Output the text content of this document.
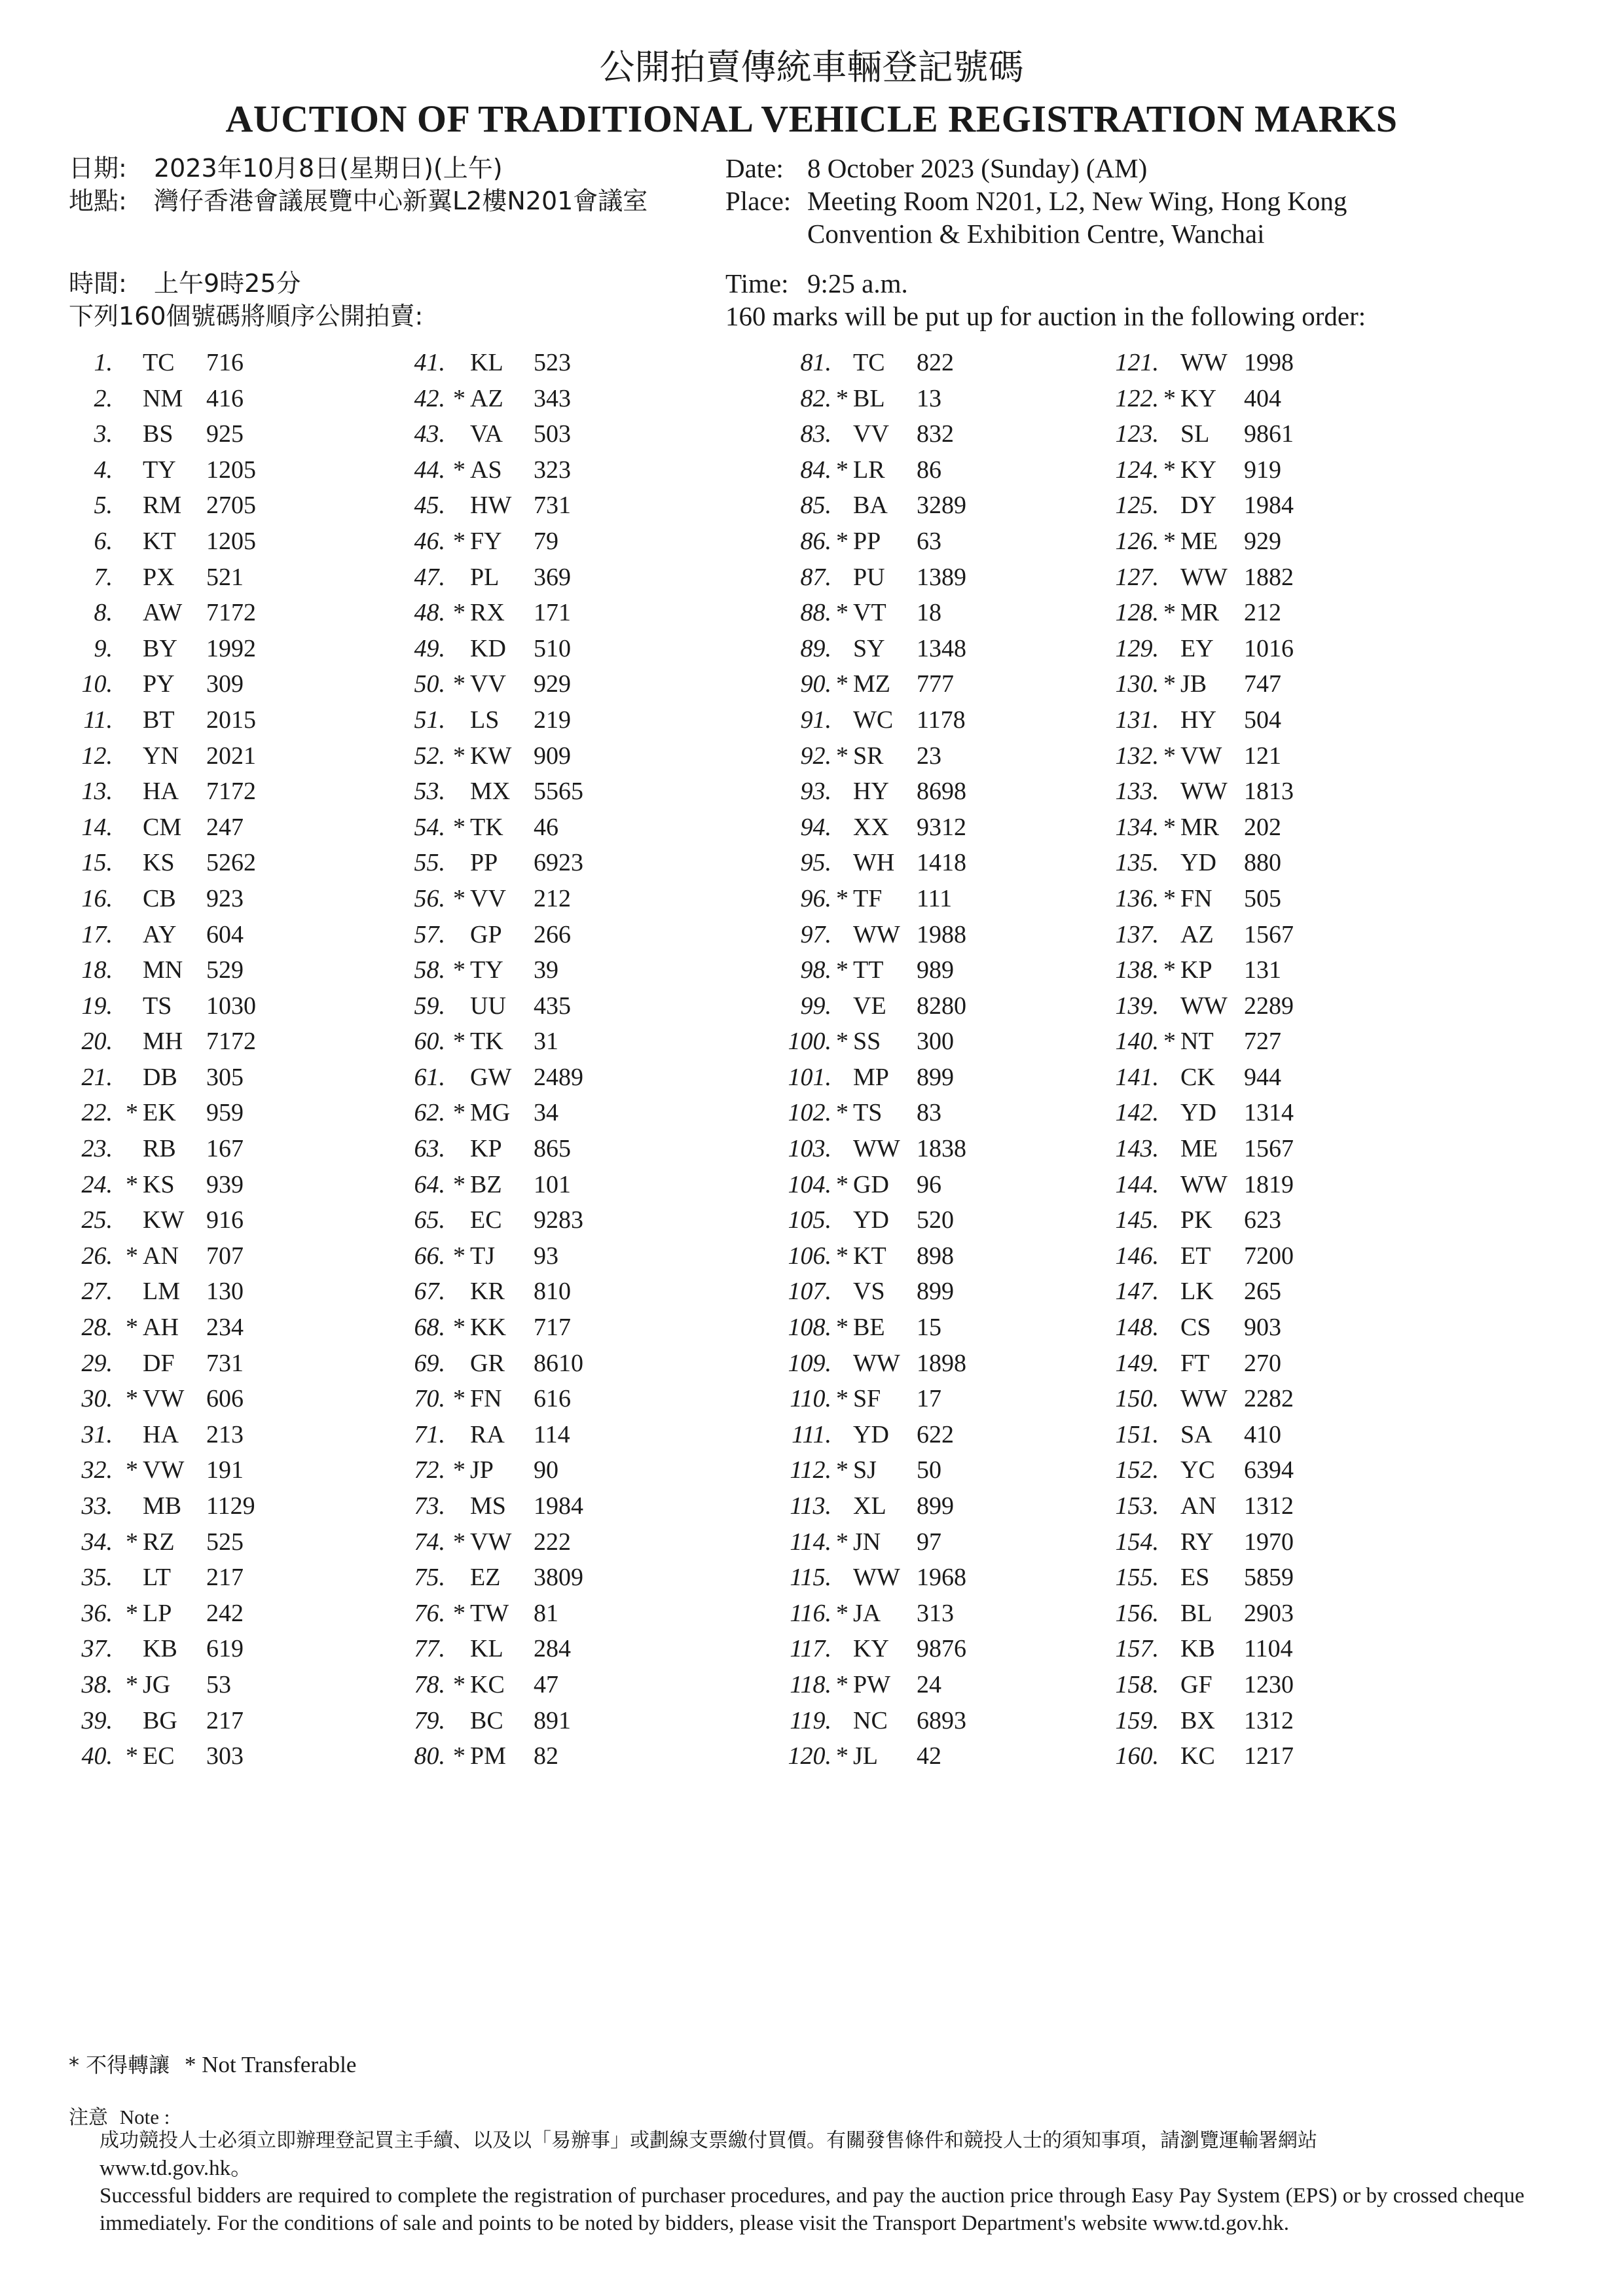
公開拍賣傳統車輛登記號碼
AUCTION OF TRADITIONAL VEHICLE REGISTRATION MARKS
日期:	2023年10月8日(星期日)(上午)
地點:	灣仔香港會議展覽中心新翼L2樓N201會議室
時間:	上午9時25分
下列160個號碼將順序公開拍賣:
Date: 8 October 2023 (Sunday) (AM)
Place: Meeting Room N201, L2, New Wing, Hong Kong
Convention & Exhibition Centre, Wanchai
Time: 9:25 a.m.
160 marks will be put up for auction in the following order:
1. TC 716
2. NM 416
3. BS 925
4. TY 1205
5. RM 2705
6. KT 1205
7. PX 521
8. AW 7172
9. BY 1992
10. PY 309
11. BT 2015
12. YN 2021
13. HA 7172
14. CM 247
15. KS 5262
16. CB 923
17. AY 604
18. MN 529
19. TS 1030
20. MH 7172
21. DB 305
22. * EK 959
23. RB 167
24. * KS 939
25. KW 916
26. * AN 707
27. LM 130
28. * AH 234
29. DF 731
30. * VW 606
31. HA 213
32. * VW 191
33. MB 1129
34. * RZ 525
35. LT 217
36. * LP 242
37. KB 619
38. * JG 53
39. BG 217
40. * EC 303
41. KL 523
42. * AZ 343
43. VA 503
44. * AS 323
45. HW 731
46. * FY 79
47. PL 369
48. * RX 171
49. KD 510
50. * VV 929
51. LS 219
52. * KW 909
53. MX 5565
54. * TK 46
55. PP 6923
56. * VV 212
57. GP 266
58. * TY 39
59. UU 435
60. * TK 31
61. GW 2489
62. * MG 34
63. KP 865
64. * BZ 101
65. EC 9283
66. * TJ 93
67. KR 810
68. * KK 717
69. GR 8610
70. * FN 616
71. RA 114
72. * JP 90
73. MS 1984
74. * VW 222
75. EZ 3809
76. * TW 81
77. KL 284
78. * KC 47
79. BC 891
80. * PM 82
81. TC 822
82. * BL 13
83. VV 832
84. * LR 86
85. BA 3289
86. * PP 63
87. PU 1389
88. * VT 18
89. SY 1348
90. * MZ 777
91. WC 1178
92. * SR 23
93. HY 8698
94. XX 9312
95. WH 1418
96. * TF 111
97. WW 1988
98. * TT 989
99. VE 8280
100. * SS 300
101. MP 899
102. * TS 83
103. WW 1838
104. * GD 96
105. YD 520
106. * KT 898
107. VS 899
108. * BE 15
109. WW 1898
110. * SF 17
111. YD 622
112. * SJ 50
113. XL 899
114. * JN 97
115. WW 1968
116. * JA 313
117. KY 9876
118. * PW 24
119. NC 6893
120. * JL 42
121. WW 1998
122. * KY 404
123. SL 9861
124. * KY 919
125. DY 1984
126. * ME 929
127. WW 1882
128. * MR 212
129. EY 1016
130. * JB 747
131. HY 504
132. * VW 121
133. WW 1813
134. * MR 202
135. YD 880
136. * FN 505
137. AZ 1567
138. * KP 131
139. WW 2289
140. * NT 727
141. CK 944
142. YD 1314
143. ME 1567
144. WW 1819
145. PK 623
146. ET 7200
147. LK 265
148. CS 903
149. FT 270
150. WW 2282
151. SA 410
152. YC 6394
153. AN 1312
154. RY 1970
155. ES 5859
156. BL 2903
157. KB 1104
158. GF 1230
159. BX 1312
160. KC 1217
* 不得轉讓 * Not Transferable
注意 Note :
成功競投人士必須立即辦理登記買主手續、以及以「易辦事」或劃線支票繳付買價。有關發售條件和競投人士的須知事項，請瀏覽運輸署網站
www.td.gov.hk。
Successful bidders are required to complete the registration of purchaser procedures, and pay the auction price through Easy Pay System (EPS) or by crossed cheque
immediately. For the conditions of sale and points to be noted by bidders, please visit the Transport Department's website www.td.gov.hk.
